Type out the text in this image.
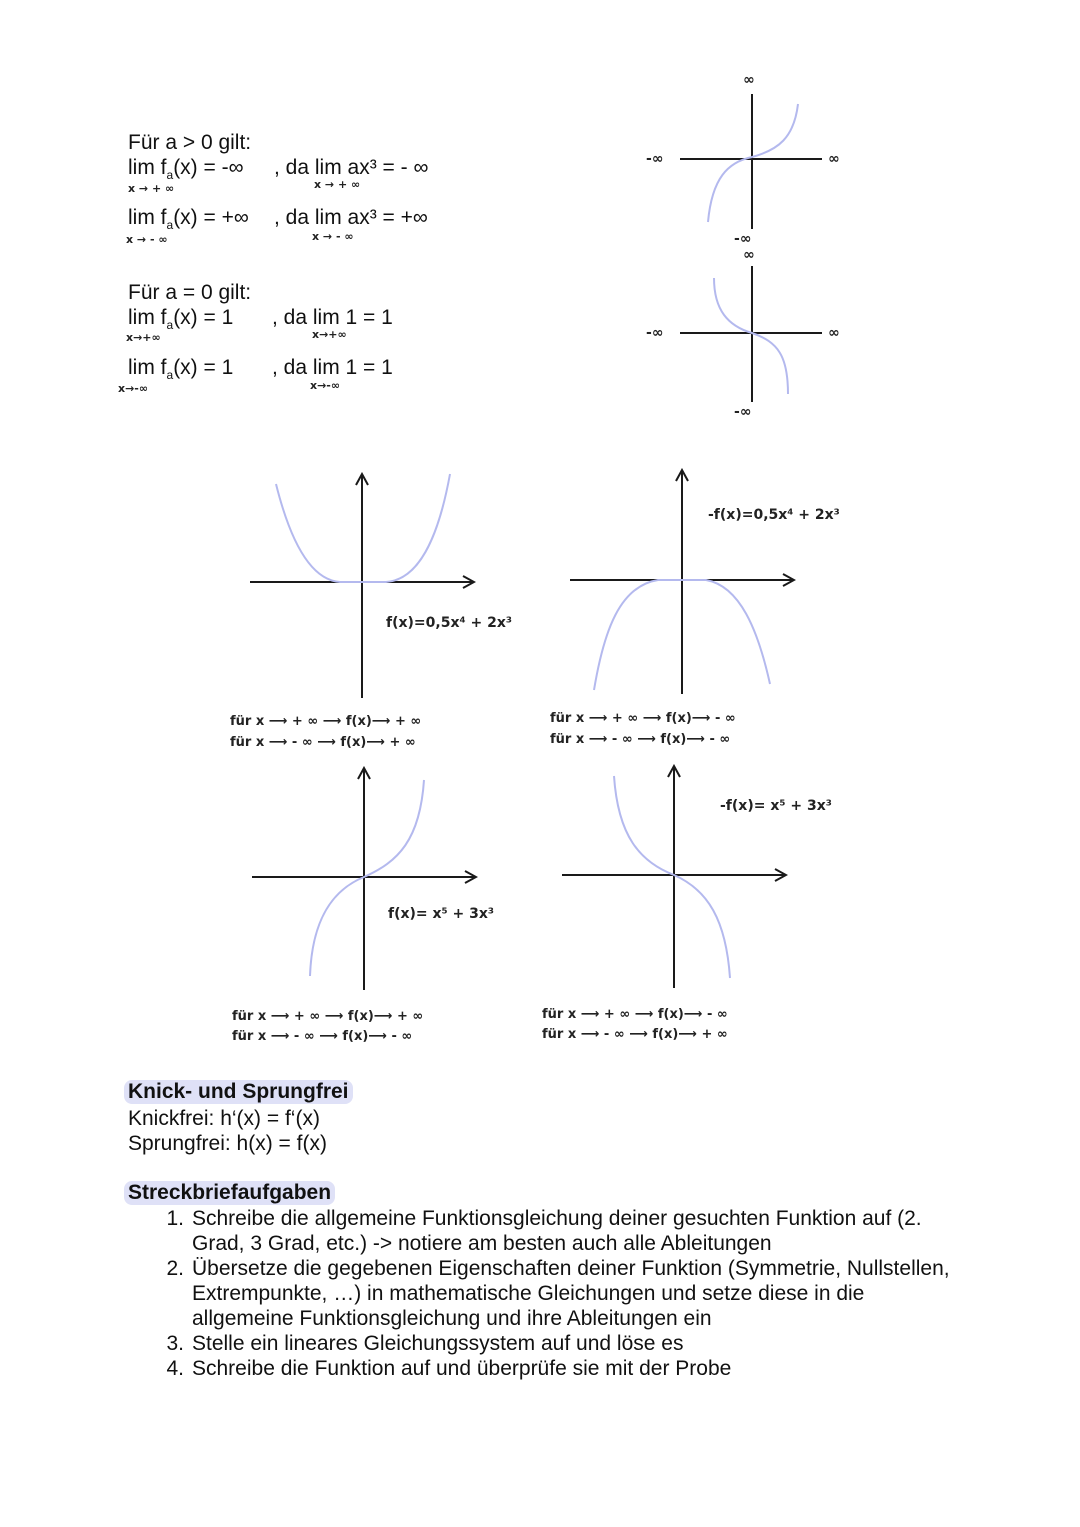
Für a > 0 gilt:
$\lim f_a(x)$ = -∞ , da lim ax³ = - ∞
x → + ∞	x → + ∞
$\lim f_a(x)$ = +∞ , da lim ax³ = +∞
x → - ∞	x → - ∞
Für a = 0 gilt:
$\lim f_a(x) = 1$ , da lim 1 = 1
x→+∞	x→+∞
$\lim f_a(x) = 1$ , da lim 1 = 1
x→-∞	x→-∞
∞
-∞	∞
-∞
∞
-∞	∞
-∞
f(x)=0,5x⁴ + 2x³
-f(x)=0,5x⁴ + 2x³
f(x)= x⁵ + 3x³
-f(x)= x⁵ + 3x³
für x ⟶ + ∞ ⟶ f(x)⟶ + ∞
für x ⟶ - ∞ ⟶ f(x)⟶ + ∞
für x ⟶ + ∞ ⟶ f(x)⟶ - ∞
für x ⟶ - ∞ ⟶ f(x)⟶ - ∞
für x ⟶ + ∞ ⟶ f(x)⟶ + ∞
für x ⟶ - ∞ ⟶ f(x)⟶ - ∞
für x ⟶ + ∞ ⟶ f(x)⟶ - ∞
für x ⟶ - ∞ ⟶ f(x)⟶ + ∞
Knick- und Sprungfrei
Knickfrei: h‘(x) = f‘(x)
Sprungfrei: h(x) = f(x)
Streckbriefaufgaben
1. Schreibe die allgemeine Funktionsgleichung deiner gesuchten Funktion auf (2. Grad, 3 Grad, etc.) -> notiere am besten auch alle Ableitungen
2. Übersetze die gegebenen Eigenschaften deiner Funktion (Symmetrie, Nullstellen, Extrempunkte, …) in mathematische Gleichungen und setze diese in die allgemeine Funktionsgleichung und ihre Ableitungen ein
3. Stelle ein lineares Gleichungssystem auf und löse es
4. Schreibe die Funktion auf und überprüfe sie mit der Probe
